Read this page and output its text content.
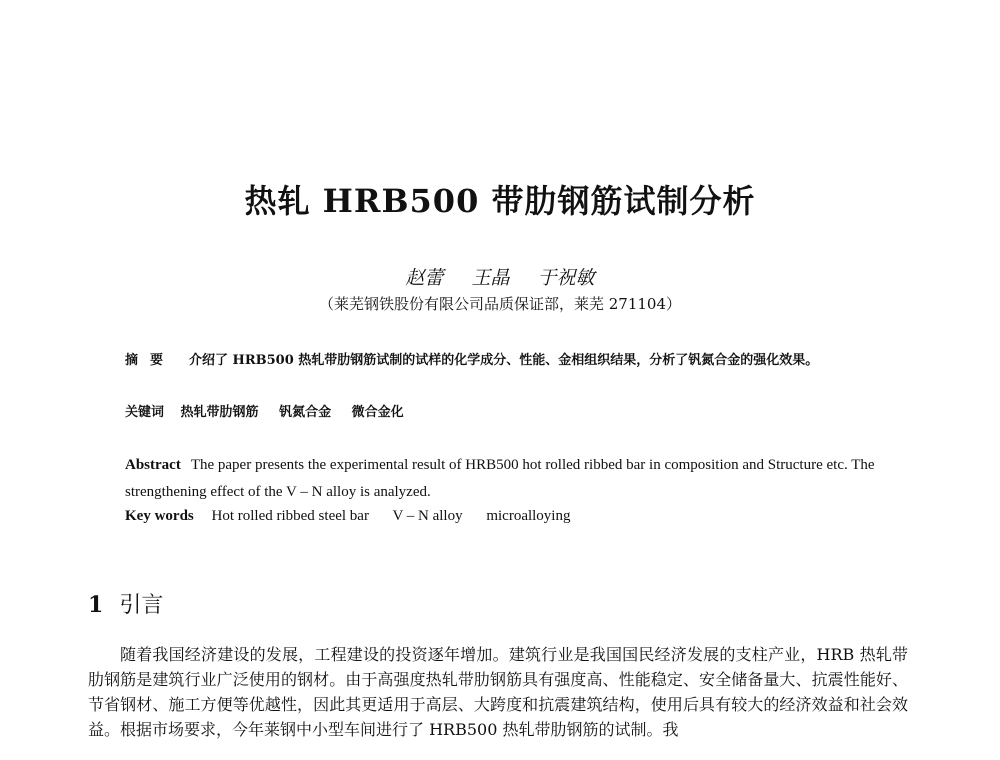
热轧 HRB500 带肋钢筋试制分析
赵蕾 王晶 于祝敏
（莱芜钢铁股份有限公司品质保证部，莱芜 271104）
摘要 介绍了 HRB500 热轧带肋钢筋试制的试样的化学成分、性能、金相组织结果，分析了钒氮合金的强化效果。
关键词 热轧带肋钢筋 钒氮合金 微合金化
Abstract The paper presents the experimental result of HRB500 hot rolled ribbed bar in composition and Structure etc. The strengthening effect of the V – N alloy is analyzed.
Key words Hot rolled ribbed steel bar V – N alloy microalloying
1 引言
随着我国经济建设的发展，工程建设的投资逐年增加。建筑行业是我国国民经济发展的支柱产业，HRB 热轧带肋钢筋是建筑行业广泛使用的钢材。由于高强度热轧带肋钢筋具有强度高、性能稳定、安全储备量大、抗震性能好、节省钢材、施工方便等优越性，因此其更适用于高层、大跨度和抗震建筑结构，使用后具有较大的经济效益和社会效益。根据市场要求，今年莱钢中小型车间进行了 HRB500 热轧带肋钢筋的试制。我
